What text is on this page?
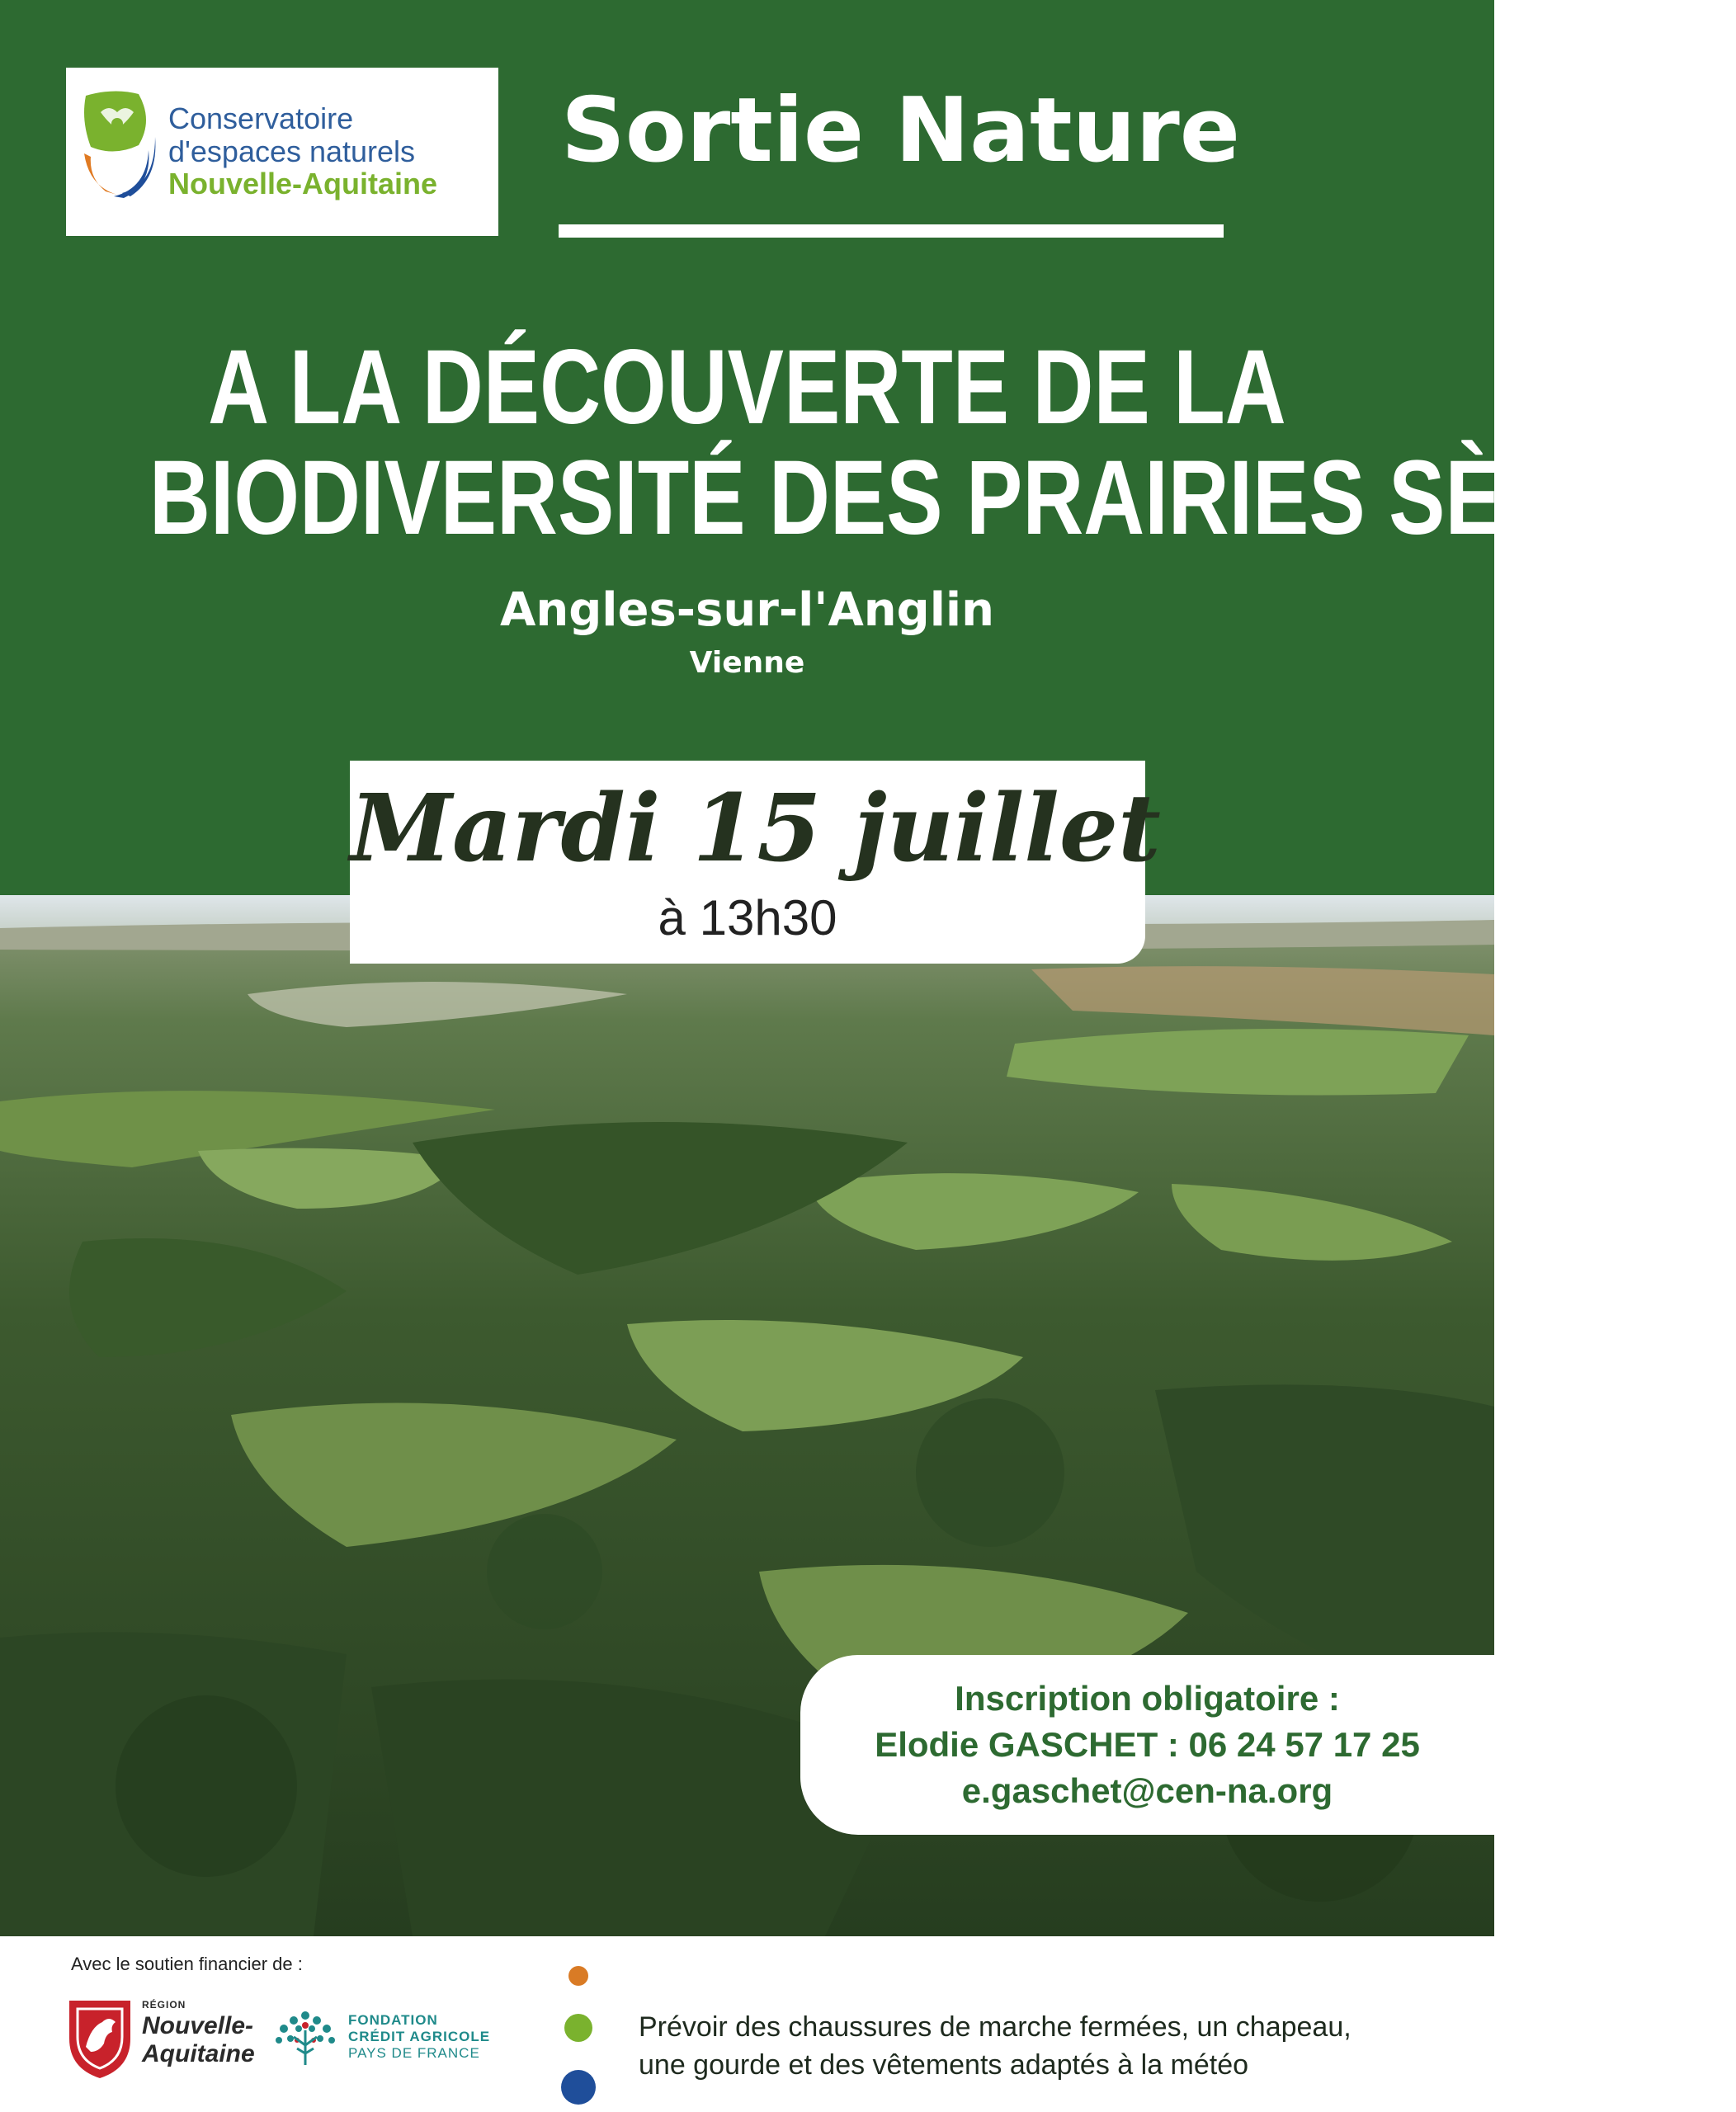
Conservatoire
d'espaces naturels
Nouvelle-Aquitaine
Sortie Nature
A LA DÉCOUVERTE DE LA
BIODIVERSITÉ DES PRAIRIES SÈCHES
Angles-sur-l'Anglin
Vienne
Mardi 15 juillet
à 13h30
Inscription obligatoire :
Elodie GASCHET : 06 24 57 17 25
e.gaschet@cen-na.org
Avec le soutien financier de :
RÉGION
Nouvelle-
Aquitaine
FONDATION
CRÉDIT AGRICOLE
PAYS DE FRANCE
Prévoir des chaussures de marche fermées, un chapeau,
une gourde et des vêtements adaptés à la météo
